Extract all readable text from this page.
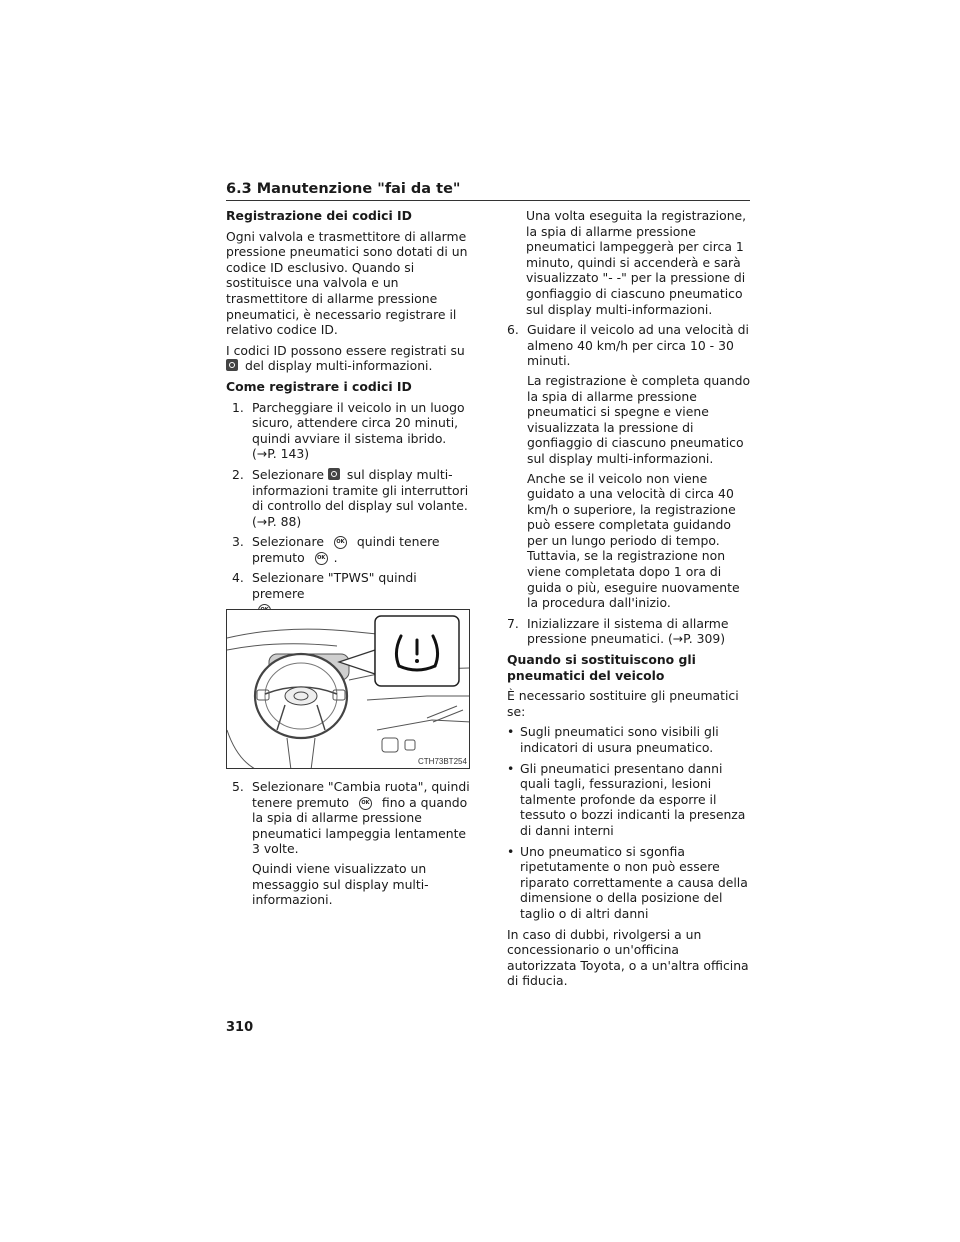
6.3 Manutenzione "fai da te"
Registrazione dei codici ID

Ogni valvola e trasmettitore di allarme pressione pneumatici sono dotati di un codice ID esclusivo. Quando si sostituisce una valvola e un trasmettitore di allarme pressione pneumatici, è necessario registrare il relativo codice ID.

I codici ID possono essere registrati su
del display multi-informazioni.

Come registrare i codici ID
1. Parcheggiare il veicolo in un luogo sicuro, attendere circa 20 minuti, quindi avviare il sistema ibrido. (→P. 143)

2. Selezionare sul display multi-informazioni tramite gli interruttori di controllo del display sul volante. (→P. 88)

3. Selezionare OK quindi tenere premuto OK .

4. Selezionare "TPWS" quindi premere

CTH73BT254
5. Selezionare "Cambia ruota", quindi tenere premuto OK fino a quando la spia di allarme pressione pneumatici lampeggia lentamente 3 volte.

Quindi viene visualizzato un messaggio sul display multi-informazioni.

Una volta eseguita la registrazione, la spia di allarme pressione pneumatici lampeggerà per circa 1 minuto, quindi si accenderà e sarà visualizzato "- -" per la pressione di gonfiaggio di ciascuno pneumatico sul display multi-informazioni.

6. Guidare il veicolo ad una velocità di almeno 40 km/h per circa 10 - 30 minuti.

La registrazione è completa quando la spia di allarme pressione pneumatici si spegne e viene visualizzata la pressione di gonfiaggio di ciascuno pneumatico sul display multi-informazioni.

Anche se il veicolo non viene guidato a una velocità di circa 40 km/h o superiore, la registrazione può essere completata guidando per un lungo periodo di tempo. Tuttavia, se la registrazione non viene completata dopo 1 ora di guida o più, eseguire nuovamente la procedura dall'inizio.

7. Inizializzare il sistema di allarme pressione pneumatici. (→P. 309)

Quando si sostituiscono gli pneumatici del veicolo

È necessario sostituire gli pneumatici se:

• Sugli pneumatici sono visibili gli indicatori di usura pneumatico.
• Gli pneumatici presentano danni quali tagli, fessurazioni, lesioni talmente profonde da esporre il tessuto o bozzi indicanti la presenza di danni interni
• Uno pneumatico si sgonfia ripetutamente o non può essere riparato correttamente a causa della dimensione o della posizione del taglio o di altri danni

In caso di dubbi, rivolgersi a un concessionario o un'officina autorizzata Toyota, o a un'altra officina di fiducia.

310
